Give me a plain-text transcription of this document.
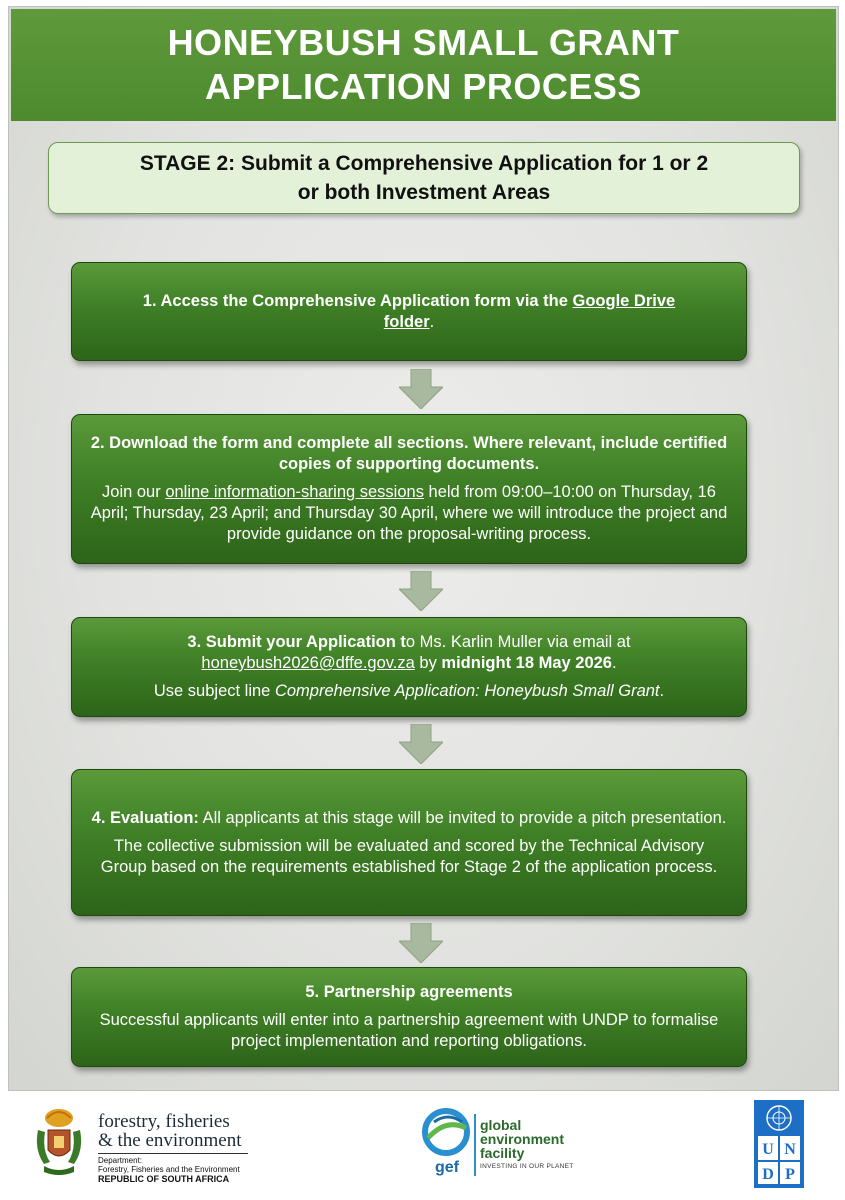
HONEYBUSH SMALL GRANT
APPLICATION PROCESS
STAGE 2: Submit a Comprehensive Application for 1 or 2
or both Investment Areas

1. Access the Comprehensive Application form via the Google Drive folder.

2. Download the form and complete all sections. Where relevant, include certified copies of supporting documents.

Join our online information-sharing sessions held from 09:00–10:00 on Thursday, 16 April; Thursday, 23 April; and Thursday 30 April, where we will introduce the project and provide guidance on the proposal-writing process.

3. Submit your Application to Ms. Karlin Muller via email at honeybush2026@dffe.gov.za by midnight 18 May 2026.

Use subject line Comprehensive Application: Honeybush Small Grant.

4. Evaluation: All applicants at this stage will be invited to provide a pitch presentation.

The collective submission will be evaluated and scored by the Technical Advisory Group based on the requirements established for Stage 2 of the application process.

5. Partnership agreements

Successful applicants will enter into a partnership agreement with UNDP to formalise project implementation and reporting obligations.

forestry, fisheries
& the environment
Department:
Forestry, Fisheries and the Environment
REPUBLIC OF SOUTH AFRICA
gef
global
environment
facility
INVESTING IN OUR PLANET
U N
D P
